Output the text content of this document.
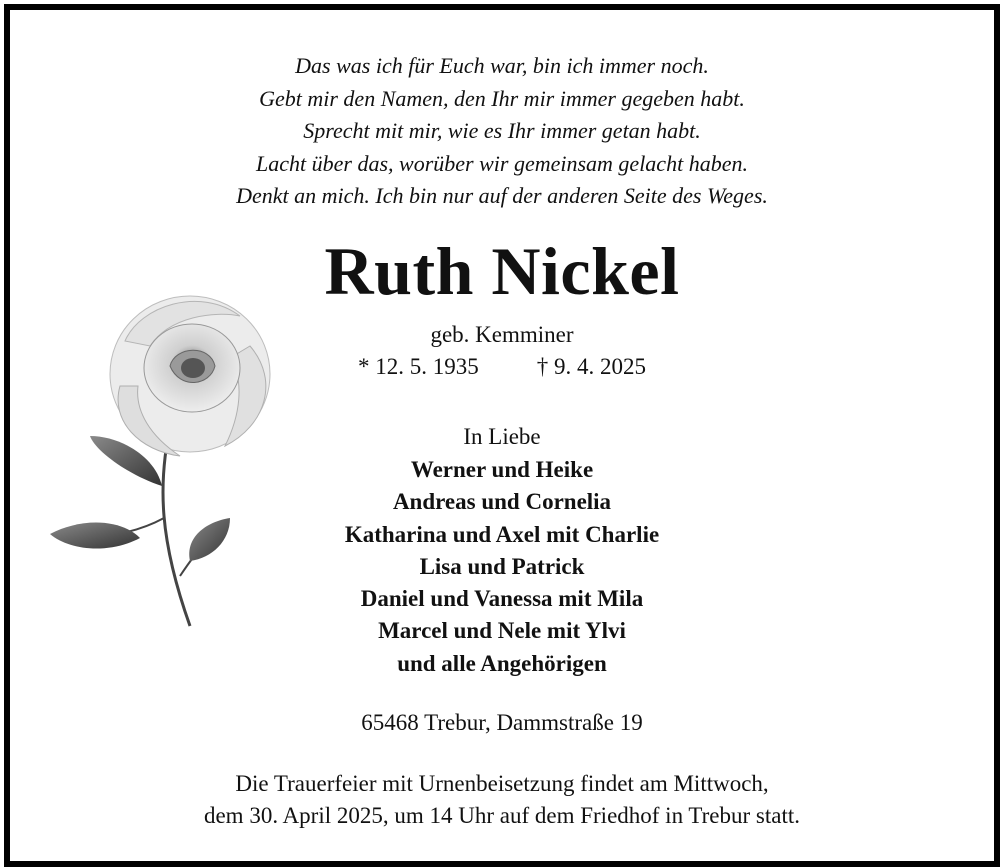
Das was ich für Euch war, bin ich immer noch.
Gebt mir den Namen, den Ihr mir immer gegeben habt.
Sprecht mit mir, wie es Ihr immer getan habt.
Lacht über das, worüber wir gemeinsam gelacht haben.
Denkt an mich. Ich bin nur auf der anderen Seite des Weges.
Ruth Nickel
geb. Kemminer
* 12. 5. 1935	† 9. 4. 2025
In Liebe
Werner und Heike
Andreas und Cornelia
Katharina und Axel mit Charlie
Lisa und Patrick
Daniel und Vanessa mit Mila
Marcel und Nele mit Ylvi
und alle Angehörigen
65468 Trebur, Dammstraße 19
Die Trauerfeier mit Urnenbeisetzung findet am Mittwoch,
dem 30. April 2025, um 14 Uhr auf dem Friedhof in Trebur statt.
